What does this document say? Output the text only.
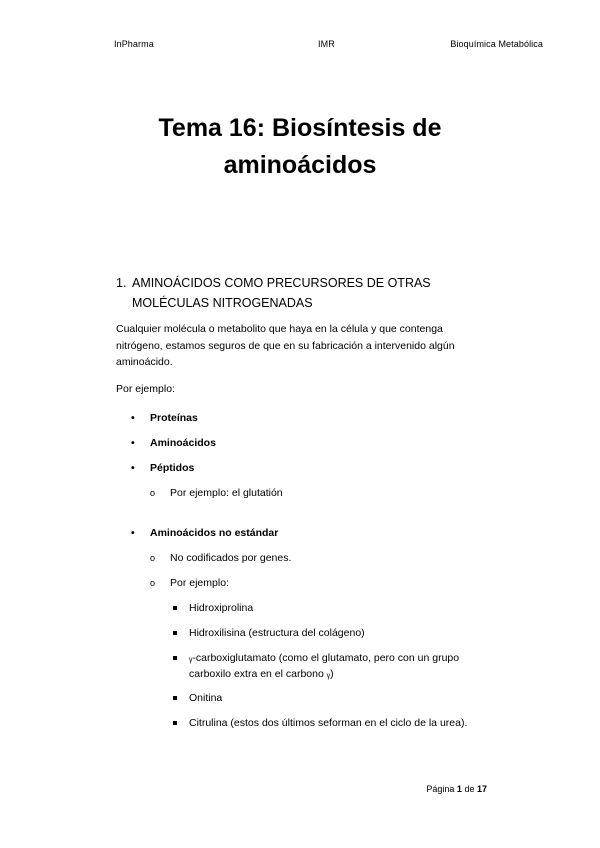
InPharma	IMR	Bioquímica Metabólica
Tema 16: Biosíntesis de
aminoácidos
1. AMINOÁCIDOS COMO PRECURSORES DE OTRAS
MOLÉCULAS NITROGENADAS
Cualquier molécula o metabolito que haya en la célula y que contenga nitrógeno, estamos seguros de que en su fabricación a intervenido algún aminoácido.
Por ejemplo:
• Proteínas
• Aminoácidos
• Péptidos
o Por ejemplo: el glutatión
• Aminoácidos no estándar
o No codificados por genes.
o Por ejemplo:
Hidroxiprolina
Hidroxilisina (estructura del colágeno)
ᵧ-carboxiglutamato (como el glutamato, pero con un grupo
carboxilo extra en el carbono ᵧ)
Onitina
Citrulina (estos dos últimos seforman en el ciclo de la urea).
Página 1 de 17
